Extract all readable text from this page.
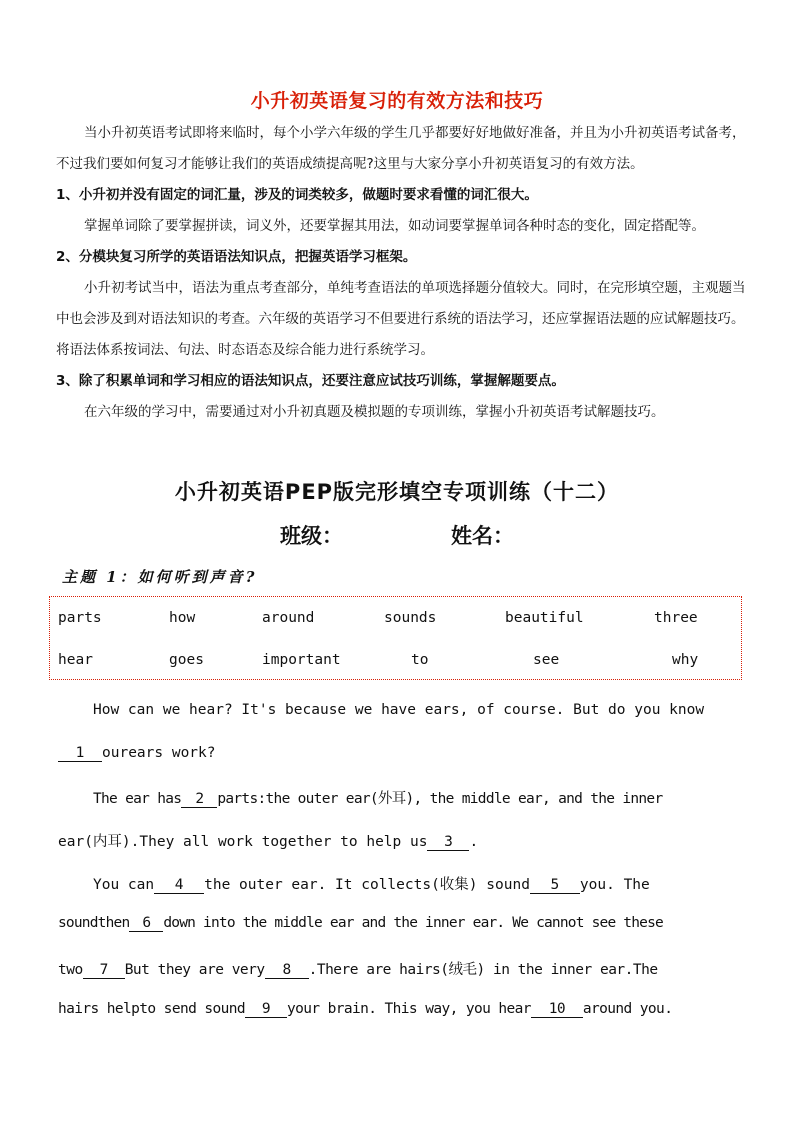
小升初英语复习的有效方法和技巧
当小升初英语考试即将来临时，每个小学六年级的学生几乎都要好好地做好准备，并且为小升初英语考试备考，不过我们要如何复习才能够让我们的英语成绩提高呢?这里与大家分享小升初英语复习的有效方法。
1、小升初并没有固定的词汇量，涉及的词类较多，做题时要求看懂的词汇很大。
掌握单词除了要掌握拼读，词义外，还要掌握其用法，如动词要掌握单词各种时态的变化，固定搭配等。
2、分模块复习所学的英语语法知识点，把握英语学习框架。
小升初考试当中，语法为重点考查部分，单纯考查语法的单项选择题分值较大。同时，在完形填空题，主观题当中也会涉及到对语法知识的考查。六年级的英语学习不但要进行系统的语法学习，还应掌握语法题的应试解题技巧。将语法体系按词法、句法、时态语态及综合能力进行系统学习。
3、除了积累单词和学习相应的语法知识点，还要注意应试技巧训练，掌握解题要点。
在六年级的学习中，需要通过对小升初真题及模拟题的专项训练，掌握小升初英语考试解题技巧。
小升初英语PEP版完形填空专项训练（十二）
班级：	姓名：
主题 1：如何听到声音?
parts	how	around	sounds	beautiful	three
hear	goes	important	to	see	why
How can we hear? It's because we have ears, of course. But do you know
1 ourears work?
The ear has 2 parts:the outer ear(外耳), the middle ear, and the inner
ear(内耳).They all work together to help us 3 .
You can 4 the outer ear. It collects(收集) sound 5 you. The
soundthen 6 down into the middle ear and the inner ear. We cannot see these
two 7 But they are very 8 .There are hairs(绒毛) in the inner ear.The
hairs helpto send sound 9 your brain. This way, you hear 10 around you.
